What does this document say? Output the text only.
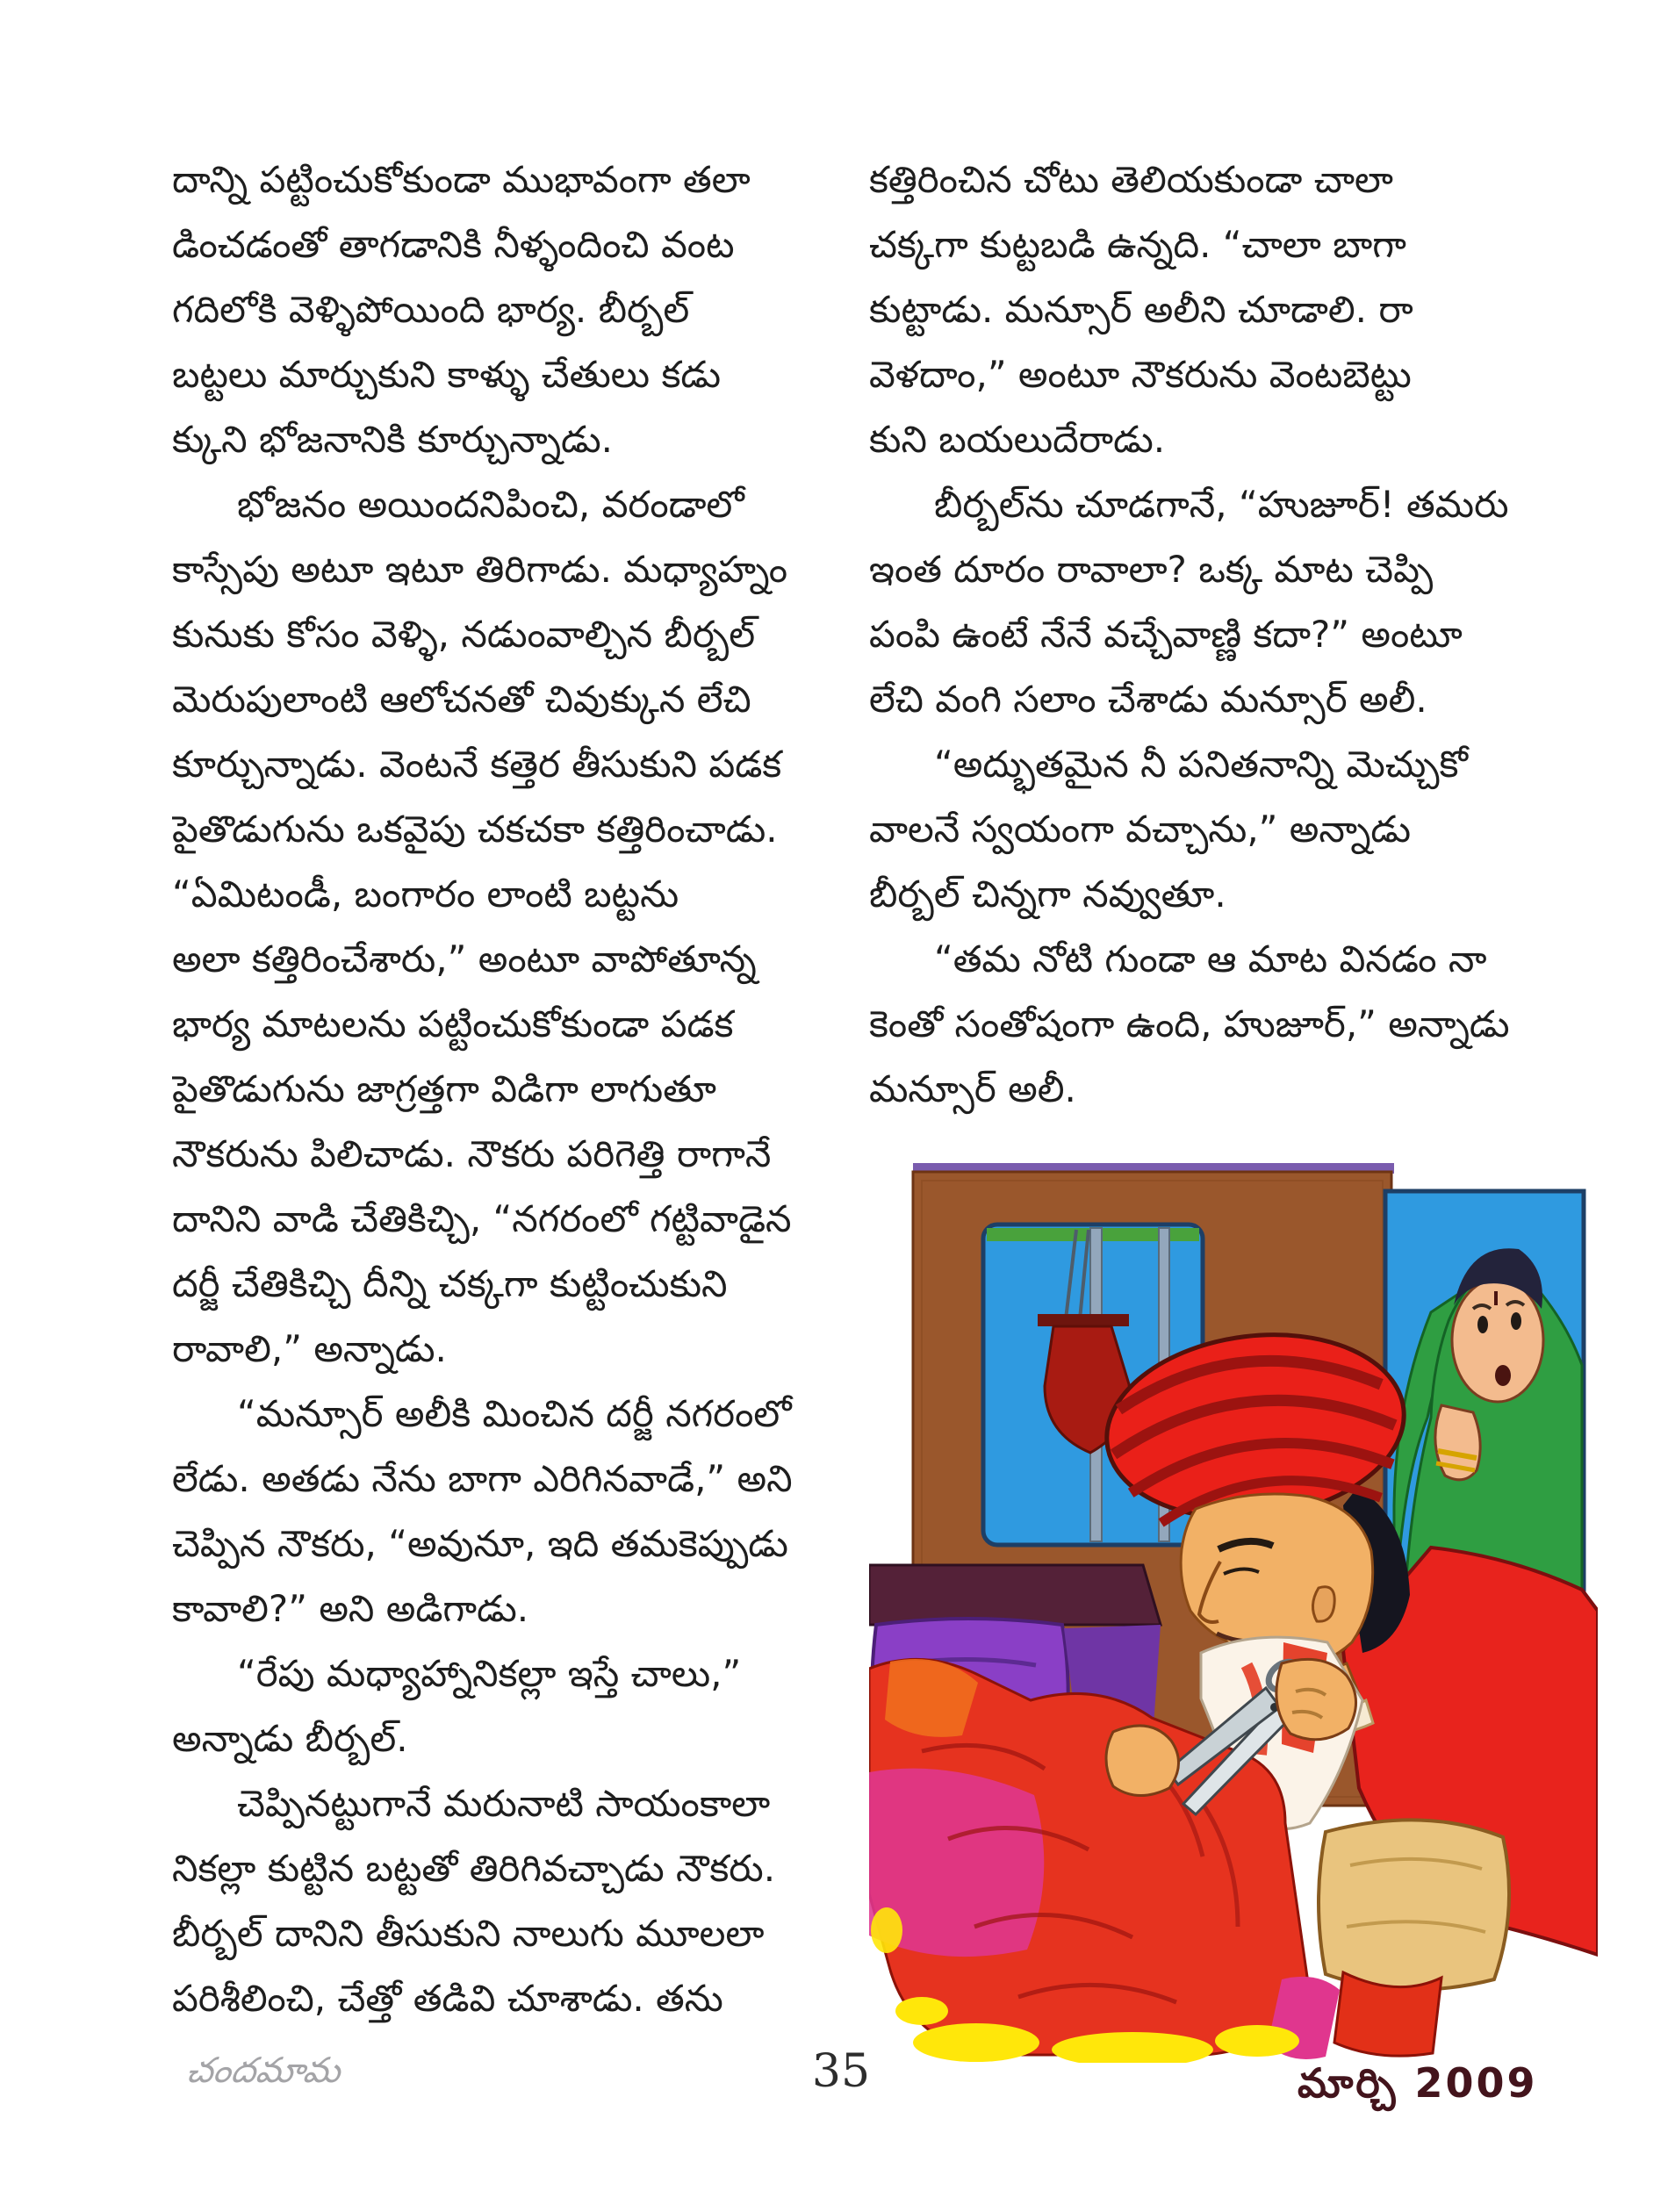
దాన్ని పట్టించుకోకుండా ముభావంగా తలా
డించడంతో తాగడానికి నీళ్ళందించి వంట
గదిలోకి వెళ్ళిపోయింది భార్య. బీర్బల్
బట్టలు మార్చుకుని కాళ్ళు చేతులు కడు
క్కుని భోజనానికి కూర్చున్నాడు.
భోజనం అయిందనిపించి, వరండాలో
కాస్సేపు అటూ ఇటూ తిరిగాడు. మధ్యాహ్నం
కునుకు కోసం వెళ్ళి, నడుంవాల్చిన బీర్బల్
మెరుపులాంటి ఆలోచనతో చివుక్కున లేచి
కూర్చున్నాడు. వెంటనే కత్తెర తీసుకుని పడక
పైతొడుగును ఒకవైపు చకచకా కత్తిరించాడు.
“ఏమిటండీ, బంగారం లాంటి బట్టను
అలా కత్తిరించేశారు,” అంటూ వాపోతూన్న
భార్య మాటలను పట్టించుకోకుండా పడక
పైతొడుగును జాగ్రత్తగా విడిగా లాగుతూ
నౌకరును పిలిచాడు. నౌకరు పరిగెత్తి రాగానే
దానిని వాడి చేతికిచ్చి, “నగరంలో గట్టివాడైన
దర్జీ చేతికిచ్చి దీన్ని చక్కగా కుట్టించుకుని
రావాలి,” అన్నాడు.
“మన్సూర్ అలీకి మించిన దర్జీ నగరంలో
లేడు. అతడు నేను బాగా ఎరిగినవాడే,” అని
చెప్పిన నౌకరు, “అవునూ, ఇది తమకెప్పుడు
కావాలి?” అని అడిగాడు.
“రేపు మధ్యాహ్నానికల్లా ఇస్తే చాలు,”
అన్నాడు బీర్బల్.
చెప్పినట్టుగానే మరునాటి సాయంకాలా
నికల్లా కుట్టిన బట్టతో తిరిగివచ్చాడు నౌకరు.
బీర్బల్ దానిని తీసుకుని నాలుగు మూలలా
పరిశీలించి, చేత్తో తడివి చూశాడు. తను
కత్తిరించిన చోటు తెలియకుండా చాలా
చక్కగా కుట్టబడి ఉన్నది. “చాలా బాగా
కుట్టాడు. మన్సూర్ అలీని చూడాలి. రా
వెళదాం,” అంటూ నౌకరును వెంటబెట్టు
కుని బయలుదేరాడు.
బీర్బల్‌ను చూడగానే, “హుజూర్! తమరు
ఇంత దూరం రావాలా? ఒక్క మాట చెప్పి
పంపి ఉంటే నేనే వచ్చేవాణ్ణి కదా?” అంటూ
లేచి వంగి సలాం చేశాడు మన్సూర్ అలీ.
“అద్భుతమైన నీ పనితనాన్ని మెచ్చుకో
వాలనే స్వయంగా వచ్చాను,” అన్నాడు
బీర్బల్ చిన్నగా నవ్వుతూ.
“తమ నోటి గుండా ఆ మాట వినడం నా
కెంతో సంతోషంగా ఉంది, హుజూర్,” అన్నాడు
మన్సూర్ అలీ.
చందమామ	35	మార్చి 2009
